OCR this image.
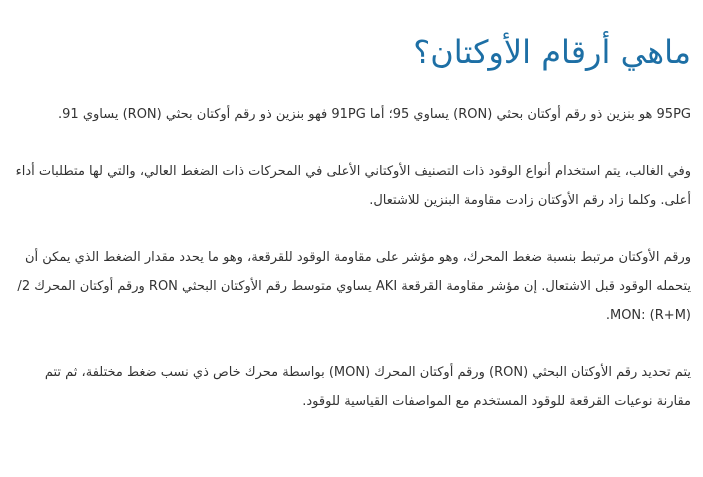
ماهي أرقام الأوكتان؟

95PG هو بنزين ذو رقم أوكتان بحثي (RON) يساوي 95؛ أما 91PG فهو بنزين ذو رقم أوكتان بحثي (RON) يساوي 91.

وفي الغالب، يتم استخدام أنواع الوقود ذات التصنيف الأوكتاني الأعلى في المحركات ذات الضغط العالي، والتي لها متطلبات أداء أعلى. وكلما زاد رقم الأوكتان زادت مقاومة البنزين للاشتعال.

ورقم الأوكتان مرتبط بنسبة ضغط المحرك، وهو مؤشر على مقاومة الوقود للقرقعة، وهو ما يحدد مقدار الضغط الذي يمكن أن يتحمله الوقود قبل الاشتعال. إن مؤشر مقاومة القرقعة AKI يساوي متوسط رقم الأوكتان البحثي RON ورقم أوكتان المحرك 2/ (R+M) :MON.

يتم تحديد رقم الأوكتان البحثي (RON) ورقم أوكتان المحرك (MON) بواسطة محرك خاص ذي نسب ضغط مختلفة، ثم تتم مقارنة نوعيات القرقعة للوقود المستخدم مع المواصفات القياسية للوقود.
